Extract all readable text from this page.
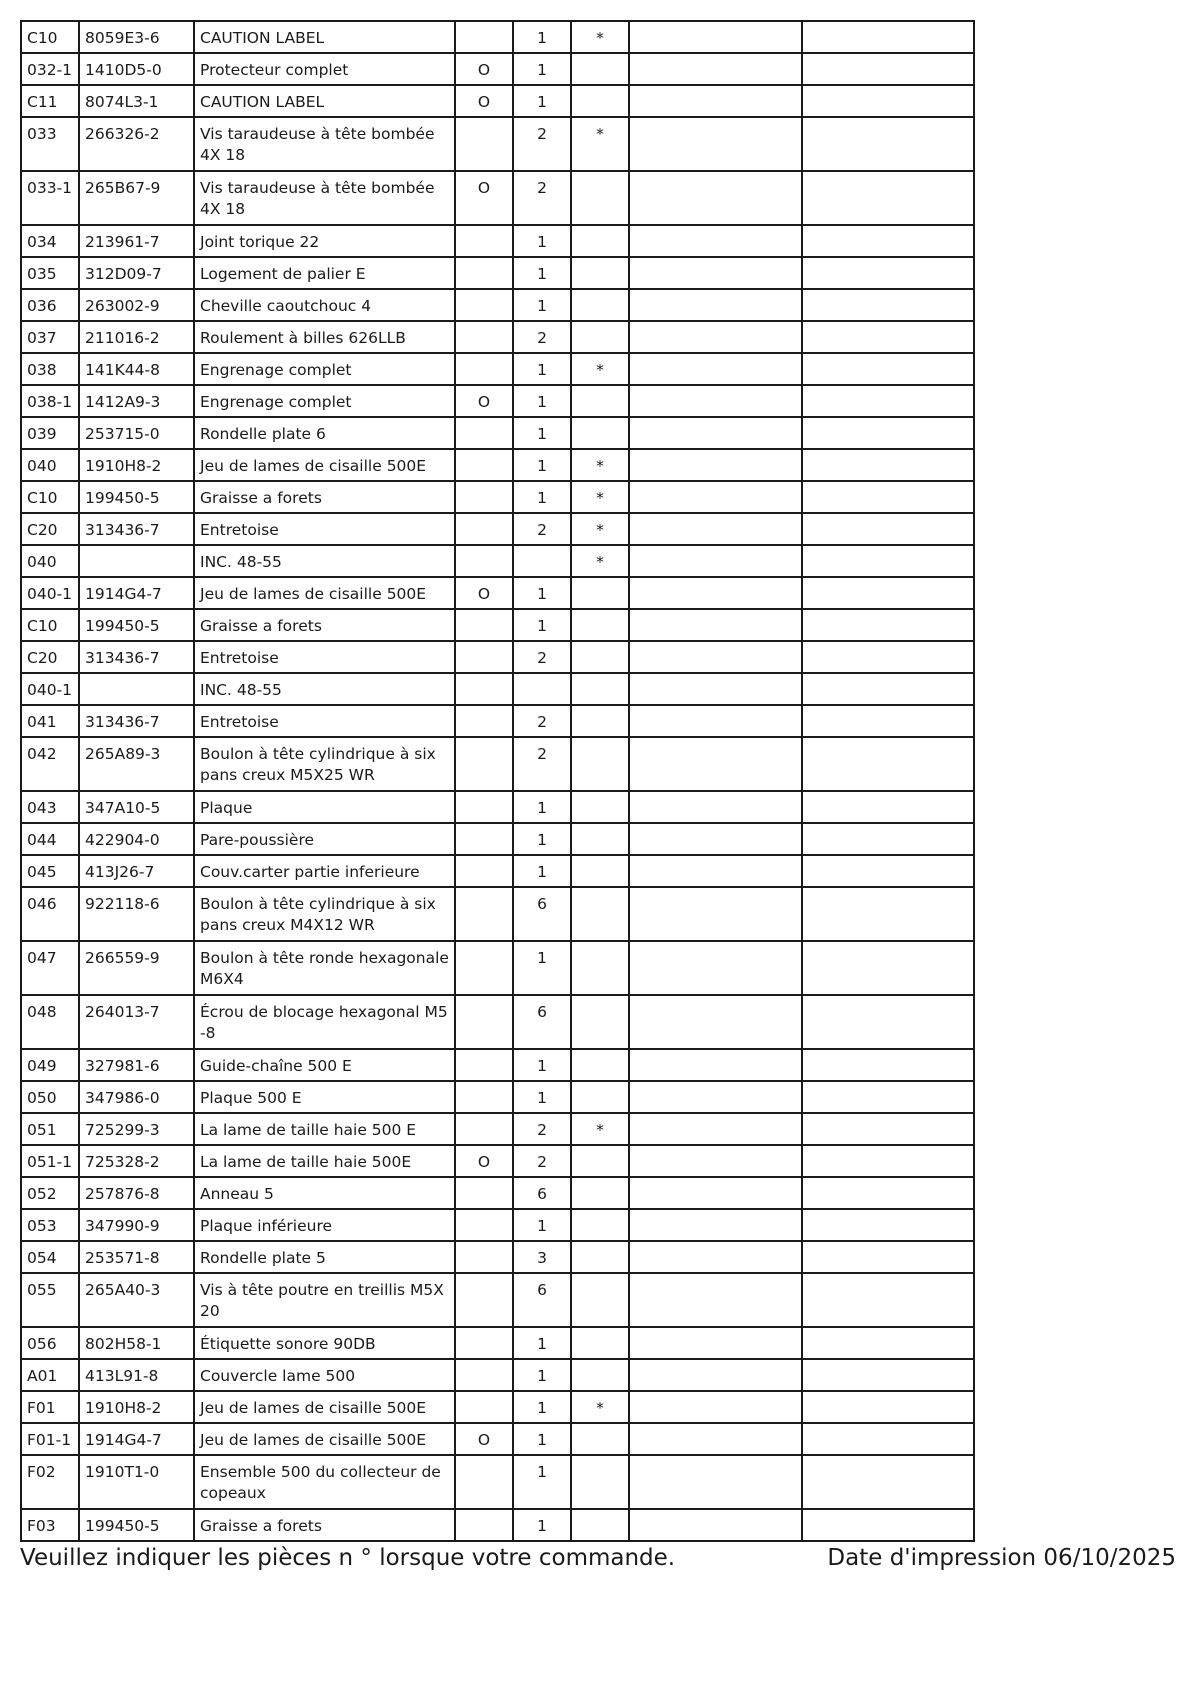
C10	8059E3-6	CAUTION LABEL		1	*		
032-1	1410D5-0	Protecteur complet	O	1			
C11	8074L3-1	CAUTION LABEL	O	1			
033	266326-2	Vis taraudeuse à tête bombée 4X 18		2	*		
033-1	265B67-9	Vis taraudeuse à tête bombée 4X 18	O	2			
034	213961-7	Joint torique 22		1			
035	312D09-7	Logement de palier E		1			
036	263002-9	Cheville caoutchouc 4		1			
037	211016-2	Roulement à billes 626LLB		2			
038	141K44-8	Engrenage complet		1	*		
038-1	1412A9-3	Engrenage complet	O	1			
039	253715-0	Rondelle plate 6		1			
040	1910H8-2	Jeu de lames de cisaille 500E		1	*		
C10	199450-5	Graisse a forets		1	*		
C20	313436-7	Entretoise		2	*		
040		INC. 48-55			*		
040-1	1914G4-7	Jeu de lames de cisaille 500E	O	1			
C10	199450-5	Graisse a forets		1			
C20	313436-7	Entretoise		2			
040-1		INC. 48-55					
041	313436-7	Entretoise		2			
042	265A89-3	Boulon à tête cylindrique à six pans creux M5X25 WR		2			
043	347A10-5	Plaque		1			
044	422904-0	Pare-poussière		1			
045	413J26-7	Couv.carter partie inferieure		1			
046	922118-6	Boulon à tête cylindrique à six pans creux M4X12 WR		6			
047	266559-9	Boulon à tête ronde hexagonale M6X4		1			
048	264013-7	Écrou de blocage hexagonal M5-8		6			
049	327981-6	Guide-chaîne 500 E		1			
050	347986-0	Plaque 500 E		1			
051	725299-3	La lame de taille haie 500 E		2	*		
051-1	725328-2	La lame de taille haie 500E	O	2			
052	257876-8	Anneau 5		6			
053	347990-9	Plaque inférieure		1			
054	253571-8	Rondelle plate 5		3			
055	265A40-3	Vis à tête poutre en treillis M5X20		6			
056	802H58-1	Étiquette sonore 90DB		1			
A01	413L91-8	Couvercle lame 500		1			
F01	1910H8-2	Jeu de lames de cisaille 500E		1	*		
F01-1	1914G4-7	Jeu de lames de cisaille 500E	O	1			
F02	1910T1-0	Ensemble 500 du collecteur de copeaux		1			
F03	199450-5	Graisse a forets		1			
Veuillez indiquer les pièces n ° lorsque votre commande.	Date d'impression 06/10/2025
